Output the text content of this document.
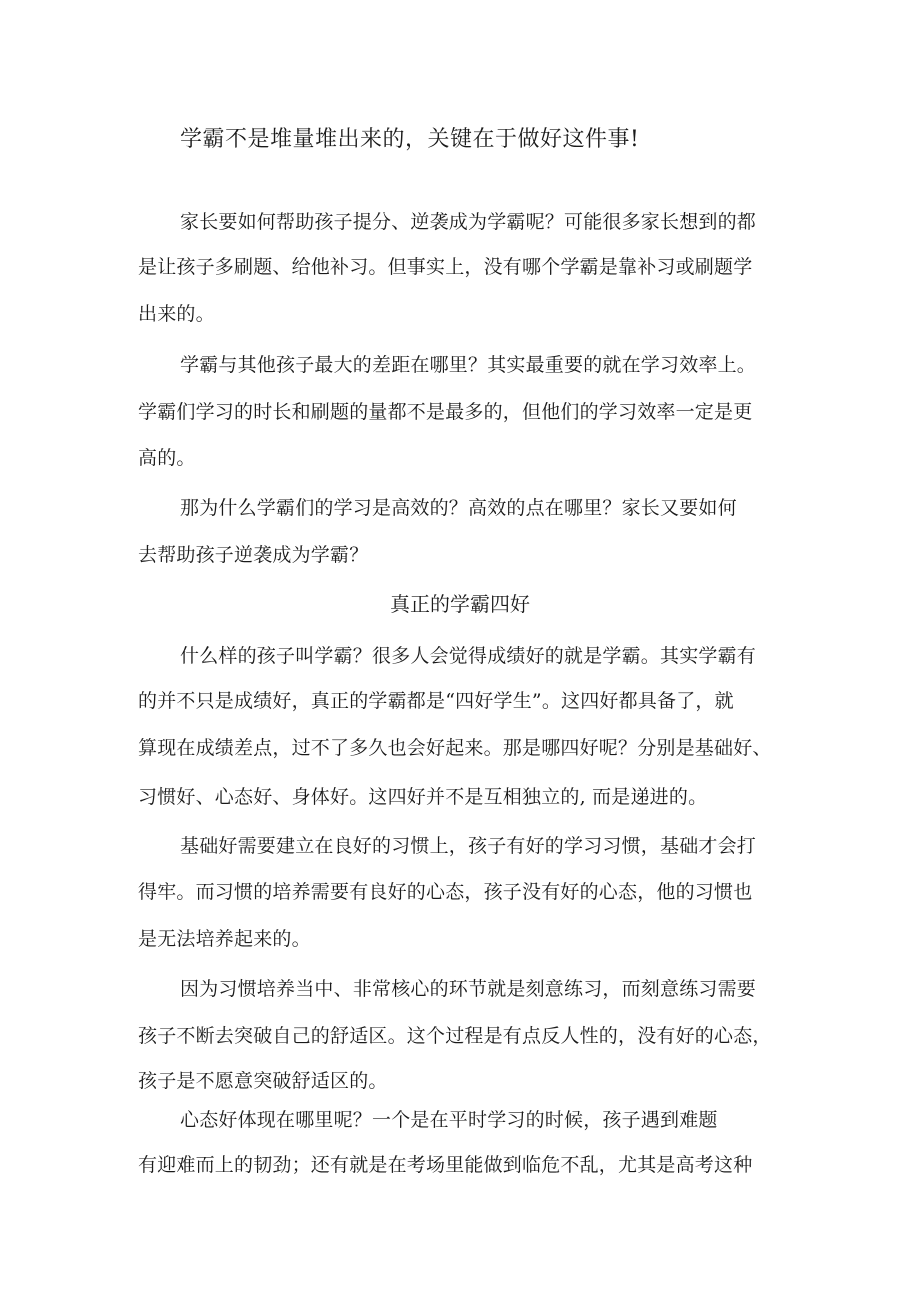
学霸不是堆量堆出来的，关键在于做好这件事!
家长要如何帮助孩子提分、逆袭成为学霸呢？可能很多家长想到的都
是让孩子多刷题、给他补习。但事实上，没有哪个学霸是靠补习或刷题学
出来的。
学霸与其他孩子最大的差距在哪里？其实最重要的就在学习效率上。
学霸们学习的时长和刷题的量都不是最多的，但他们的学习效率一定是更
高的。
那为什么学霸们的学习是高效的？高效的点在哪里？家长又要如何
去帮助孩子逆袭成为学霸？
真正的学霸四好
什么样的孩子叫学霸？很多人会觉得成绩好的就是学霸。其实学霸有
的并不只是成绩好，真正的学霸都是“四好学生”。这四好都具备了，就
算现在成绩差点，过不了多久也会好起来。那是哪四好呢？分别是基础好、
习惯好、心态好、身体好。这四好并不是互相独立的, 而是递进的。
基础好需要建立在良好的习惯上，孩子有好的学习习惯，基础才会打
得牢。而习惯的培养需要有良好的心态，孩子没有好的心态，他的习惯也
是无法培养起来的。
因为习惯培养当中、非常核心的环节就是刻意练习，而刻意练习需要
孩子不断去突破自己的舒适区。这个过程是有点反人性的，没有好的心态，
孩子是不愿意突破舒适区的。
心态好体现在哪里呢？一个是在平时学习的时候，孩子遇到难题
有迎难而上的韧劲；还有就是在考场里能做到临危不乱，尤其是高考这种
